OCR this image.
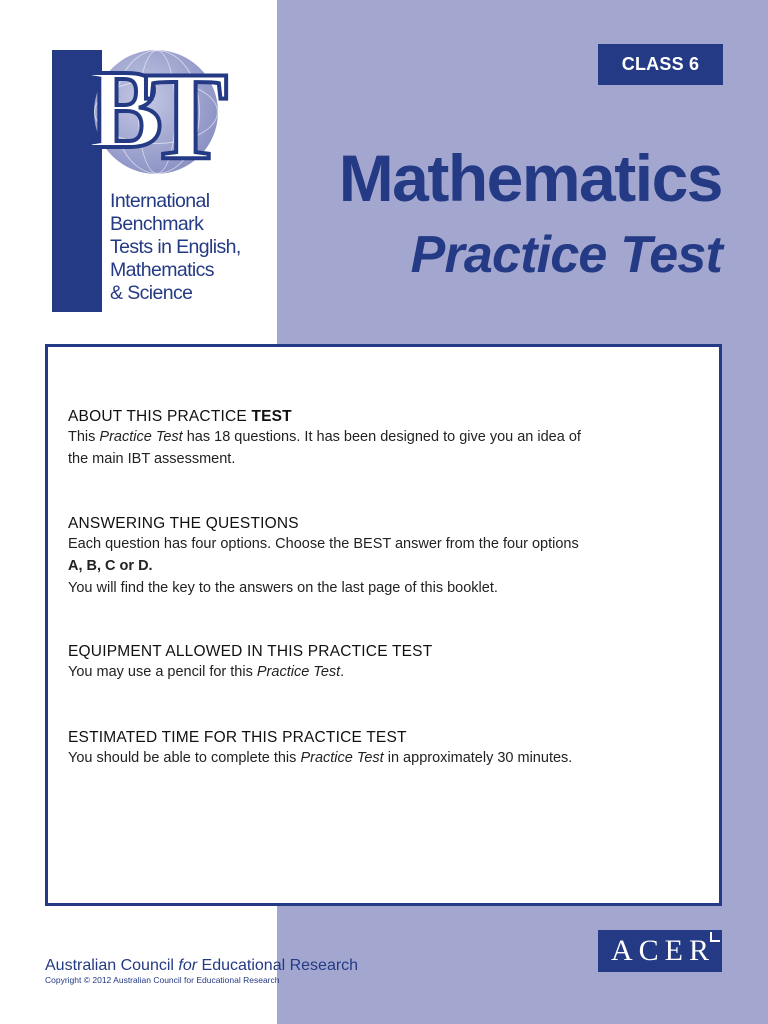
B
T
International
Benchmark
Tests in English,
Mathematics
& Science
CLASS 6
Mathematics
Practice Test
ABOUT THIS PRACTICE TEST

This Practice Test has 18 questions. It has been designed to give you an idea of

the main IBT assessment.

ANSWERING THE QUESTIONS

Each question has four options. Choose the BEST answer from the four options

A, B, C or D.

You will find the key to the answers on the last page of this booklet.

EQUIPMENT ALLOWED IN THIS PRACTICE TEST

You may use a pencil for this Practice Test.

ESTIMATED TIME FOR THIS PRACTICE TEST

You should be able to complete this Practice Test in approximately 30 minutes.

ACER
Australian Council for Educational Research
Copyright © 2012 Australian Council for Educational Research
